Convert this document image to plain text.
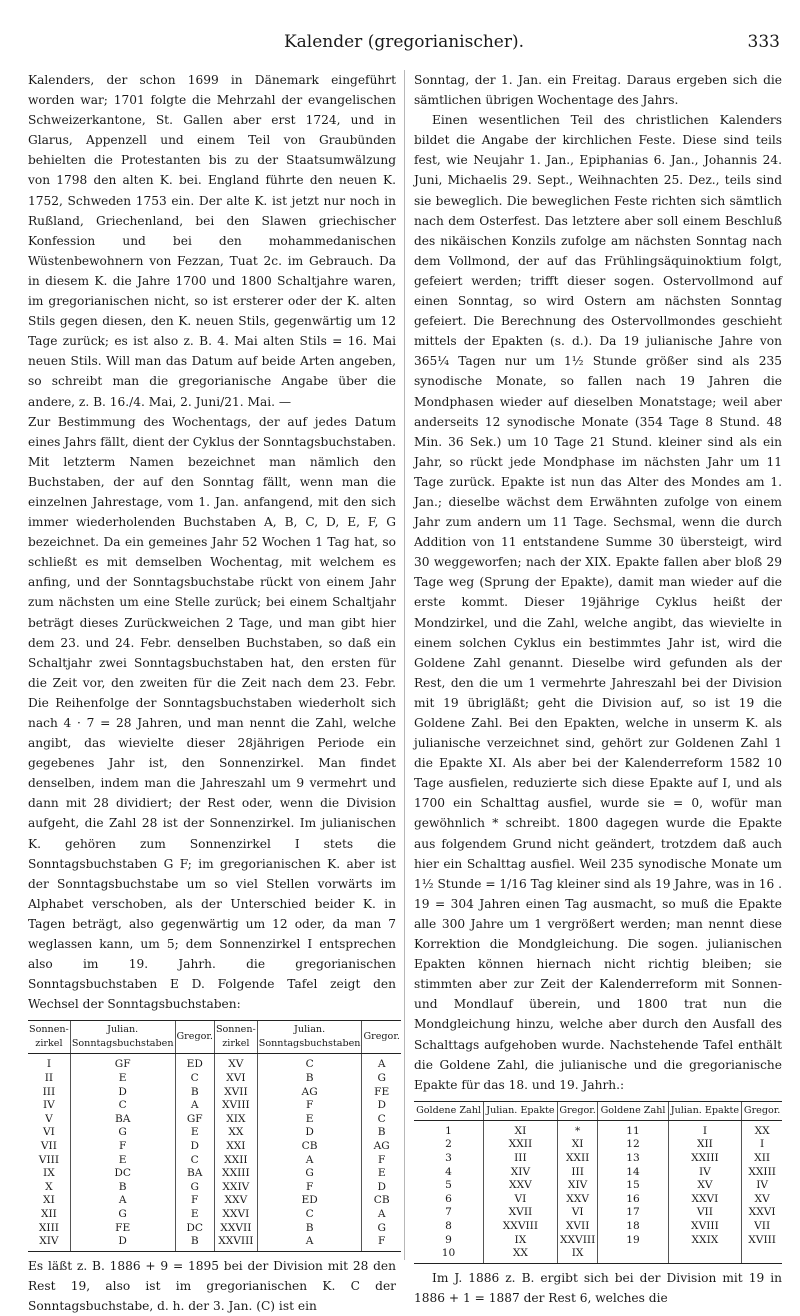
Kalender (gregorianischer).	333

Kalenders, der schon 1699 in Dänemark eingeführt worden war; 1701 folgte die Mehrzahl der evangelischen Schweizerkantone, St. Gallen aber erst 1724, und in Glarus, Appenzell und einem Teil von Graubünden behielten die Protestanten bis zu der Staatsumwälzung von 1798 den alten K. bei. England führte den neuen K. 1752, Schweden 1753 ein. Der alte K. ist jetzt nur noch in Rußland, Griechenland, bei den Slawen griechischer Konfession und bei den mohammedanischen Wüstenbewohnern von Fezzan, Tuat 2c. im Gebrauch. Da in diesem K. die Jahre 1700 und 1800 Schaltjahre waren, im gregorianischen nicht, so ist ersterer oder der K. alten Stils gegen diesen, den K. neuen Stils, gegenwärtig um 12 Tage zurück; es ist also z. B. 4. Mai alten Stils = 16. Mai neuen Stils. Will man das Datum auf beide Arten angeben, so schreibt man die gregorianische Angabe über die andere, z. B. 16./4. Mai, 2. Juni/21. Mai. —

Zur Bestimmung des Wochentags, der auf jedes Datum eines Jahrs fällt, dient der Cyklus der Sonntagsbuchstaben. Mit letzterm Namen bezeichnet man nämlich den Buchstaben, der auf den Sonntag fällt, wenn man die einzelnen Jahrestage, vom 1. Jan. anfangend, mit den sich immer wiederholenden Buchstaben A, B, C, D, E, F, G bezeichnet. Da ein gemeines Jahr 52 Wochen 1 Tag hat, so schließt es mit demselben Wochentag, mit welchem es anfing, und der Sonntagsbuchstabe rückt von einem Jahr zum nächsten um eine Stelle zurück; bei einem Schaltjahr beträgt dieses Zurückweichen 2 Tage, und man gibt hier dem 23. und 24. Febr. denselben Buchstaben, so daß ein Schaltjahr zwei Sonntagsbuchstaben hat, den ersten für die Zeit vor, den zweiten für die Zeit nach dem 23. Febr. Die Reihenfolge der Sonntagsbuchstaben wiederholt sich nach 4 · 7 = 28 Jahren, und man nennt die Zahl, welche angibt, das wievielte dieser 28jährigen Periode ein gegebenes Jahr ist, den Sonnenzirkel. Man findet denselben, indem man die Jahreszahl um 9 vermehrt und dann mit 28 dividiert; der Rest oder, wenn die Division aufgeht, die Zahl 28 ist der Sonnenzirkel. Im julianischen K. gehören zum Sonnenzirkel I stets die Sonntagsbuchstaben G F; im gregorianischen K. aber ist der Sonntagsbuchstabe um so viel Stellen vorwärts im Alphabet verschoben, als der Unterschied beider K. in Tagen beträgt, also gegenwärtig um 12 oder, da man 7 weglassen kann, um 5; dem Sonnenzirkel I entsprechen also im 19. Jahrh. die gregorianischen Sonntagsbuchstaben E D. Folgende Tafel zeigt den Wechsel der Sonntagsbuchstaben:

Sonnen-zirkel	Julian. Sonntagsbuchstaben	Gregor.	Sonnen-zirkel	Julian. Sonntagsbuchstaben	Gregor.
I	GF	ED	XV	C	A
II	E	C	XVI	B	G
III	D	B	XVII	AG	FE
IV	C	A	XVIII	F	D
V	BA	GF	XIX	E	C
VI	G	E	XX	D	B
VII	F	D	XXI	CB	AG
VIII	E	C	XXII	A	F
IX	DC	BA	XXIII	G	E
X	B	G	XXIV	F	D
XI	A	F	XXV	ED	CB
XII	G	E	XXVI	C	A
XIII	FE	DC	XXVII	B	G
XIV	D	B	XXVIII	A	F

Es läßt z. B. 1886 + 9 = 1895 bei der Division mit 28 den Rest 19, also ist im gregorianischen K. C der Sonntagsbuchstabe, d. h. der 3. Jan. (C) ist ein

Sonntag, der 1. Jan. ein Freitag. Daraus ergeben sich die sämtlichen übrigen Wochentage des Jahrs.

Einen wesentlichen Teil des christlichen Kalenders bildet die Angabe der kirchlichen Feste. Diese sind teils fest, wie Neujahr 1. Jan., Epiphanias 6. Jan., Johannis 24. Juni, Michaelis 29. Sept., Weihnachten 25. Dez., teils sind sie beweglich. Die beweglichen Feste richten sich sämtlich nach dem Osterfest. Das letztere aber soll einem Beschluß des nikäischen Konzils zufolge am nächsten Sonntag nach dem Vollmond, der auf das Frühlingsäquinoktium folgt, gefeiert werden; trifft dieser sogen. Ostervollmond auf einen Sonntag, so wird Ostern am nächsten Sonntag gefeiert. Die Berechnung des Ostervollmondes geschieht mittels der Epakten (s. d.). Da 19 julianische Jahre von 365¼ Tagen nur um 1½ Stunde größer sind als 235 synodische Monate, so fallen nach 19 Jahren die Mondphasen wieder auf dieselben Monatstage; weil aber anderseits 12 synodische Monate (354 Tage 8 Stund. 48 Min. 36 Sek.) um 10 Tage 21 Stund. kleiner sind als ein Jahr, so rückt jede Mondphase im nächsten Jahr um 11 Tage zurück. Epakte ist nun das Alter des Mondes am 1. Jan.; dieselbe wächst dem Erwähnten zufolge von einem Jahr zum andern um 11 Tage. Sechsmal, wenn die durch Addition von 11 entstandene Summe 30 übersteigt, wird 30 weggeworfen; nach der XIX. Epakte fallen aber bloß 29 Tage weg (Sprung der Epakte), damit man wieder auf die erste kommt. Dieser 19jährige Cyklus heißt der Mondzirkel, und die Zahl, welche angibt, das wievielte in einem solchen Cyklus ein bestimmtes Jahr ist, wird die Goldene Zahl genannt. Dieselbe wird gefunden als der Rest, den die um 1 vermehrte Jahreszahl bei der Division mit 19 übrigläßt; geht die Division auf, so ist 19 die Goldene Zahl. Bei den Epakten, welche in unserm K. als julianische verzeichnet sind, gehört zur Goldenen Zahl 1 die Epakte XI. Als aber bei der Kalenderreform 1582 10 Tage ausfielen, reduzierte sich diese Epakte auf I, und als 1700 ein Schalttag ausfiel, wurde sie = 0, wofür man gewöhnlich * schreibt. 1800 dagegen wurde die Epakte aus folgendem Grund nicht geändert, trotzdem daß auch hier ein Schalttag ausfiel. Weil 235 synodische Monate um 1½ Stunde = 1/16 Tag kleiner sind als 19 Jahre, was in 16 . 19 = 304 Jahren einen Tag ausmacht, so muß die Epakte alle 300 Jahre um 1 vergrößert werden; man nennt diese Korrektion die Mondgleichung. Die sogen. julianischen Epakten können hiernach nicht richtig bleiben; sie stimmten aber zur Zeit der Kalenderreform mit Sonnen- und Mondlauf überein, und 1800 trat nun die Mondgleichung hinzu, welche aber durch den Ausfall des Schalttags aufgehoben wurde. Nachstehende Tafel enthält die Goldene Zahl, die julianische und die gregorianische Epakte für das 18. und 19. Jahrh.:

Goldene Zahl	Julian. Epakte	Gregor.	Goldene Zahl	Julian. Epakte	Gregor.
1	XI	*	11	I	XX
2	XXII	XI	12	XII	I
3	III	XXII	13	XXIII	XII
4	XIV	III	14	IV	XXIII
5	XXV	XIV	15	XV	IV
6	VI	XXV	16	XXVI	XV
7	XVII	VI	17	VII	XXVI
8	XXVIII	XVII	18	XVIII	VII
9	IX	XXVIII	19	XXIX	XVIII
10	XX	IX			

Im J. 1886 z. B. ergibt sich bei der Division mit 19 in 1886 + 1 = 1887 der Rest 6, welches die
